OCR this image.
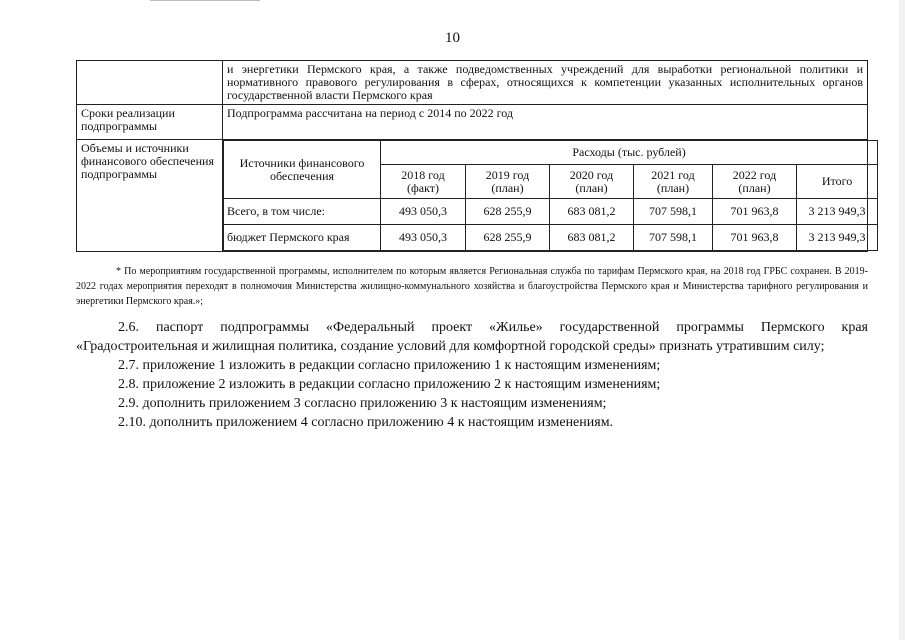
10
	и энергетики Пермского края, а также подведомственных учреждений для выработки региональной политики и нормативного правового регулирования в сферах, относящихся к компетенции указанных исполнительных органов государственной власти Пермского края
Сроки реализации подпрограммы	Подпрограмма рассчитана на период с 2014 по 2022 год
Объемы и источники финансового обеспечения подпрограммы	
Источники финансового обеспечения	Расходы (тыс. рублей)
2018 год (факт)	2019 год (план)	2020 год (план)	2021 год (план)	2022 год (план)	Итого
Всего, в том числе:	493 050,3	628 255,9	683 081,2	707 598,1	701 963,8	3 213 949,3
бюджет Пермского края	493 050,3	628 255,9	683 081,2	707 598,1	701 963,8	3 213 949,3

* По мероприятиям государственной программы, исполнителем по которым является Региональная служба по тарифам Пермского края, на 2018 год ГРБС сохранен. В 2019-2022 годах мероприятия переходят в полномочия Министерства жилищно-коммунального хозяйства и благоустройства Пермского края и Министерства тарифного регулирования и энергетики Пермского края.»;

2.6. паспорт подпрограммы «Федеральный проект «Жилье» государственной программы Пермского края «Градостроительная и жилищная политика, создание условий для комфортной городской среды» признать утратившим силу;

2.7. приложение 1 изложить в редакции согласно приложению 1 к настоящим изменениям;

2.8. приложение 2 изложить в редакции согласно приложению 2 к настоящим изменениям;

2.9. дополнить приложением 3 согласно приложению 3 к настоящим изменениям;

2.10. дополнить приложением 4 согласно приложению 4 к настоящим изменениям.
